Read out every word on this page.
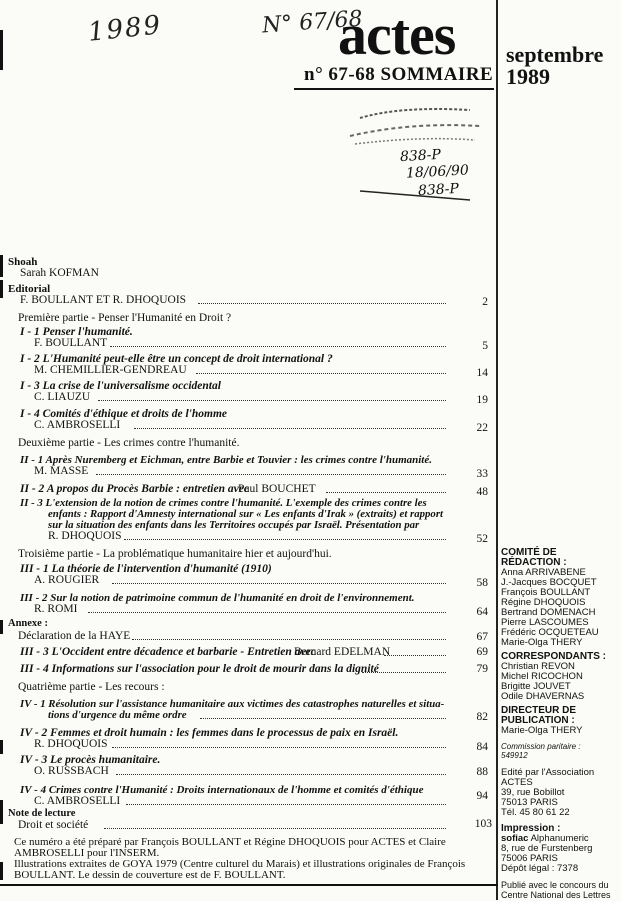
1989	N° 67/68
actes
n° 67-68 SOMMAIRE
septembre
1989
838-P
18/06/90
838-P
Shoah
Sarah KOFMAN
Editorial
F. BOULLANT ET R. DHOQUOIS	2
Première partie - Penser l'Humanité en Droit ?
I - 1 Penser l'humanité.
F. BOULLANT	5
I - 2 L'Humanité peut-elle être un concept de droit international ?
M. CHEMILLIER-GENDREAU	14
I - 3 La crise de l'universalisme occidental
C. LIAUZU	19
I - 4 Comités d'éthique et droits de l'homme
C. AMBROSELLI	22
Deuxième partie - Les crimes contre l'humanité.
II - 1 Après Nuremberg et Eichman, entre Barbie et Touvier : les crimes contre l'humanité.
M. MASSE	33
II - 2 A propos du Procès Barbie : entretien avec
Paul BOUCHET	48
II - 3 L'extension de la notion de crimes contre l'humanité. L'exemple des crimes contre les
enfants : Rapport d'Amnesty international sur « Les enfants d'Irak » (extraits) et rapport
sur la situation des enfants dans les Territoires occupés par Israël. Présentation par
R. DHOQUOIS	52
Troisième partie - La problématique humanitaire hier et aujourd'hui.
III - 1 La théorie de l'intervention d'humanité (1910)
A. ROUGIER	58
III - 2 Sur la notion de patrimoine commun de l'humanité en droit de l'environnement.
R. ROMI	64
Annexe :
Déclaration de la HAYE	67
III - 3 L'Occident entre décadence et barbarie - Entretien avec
Bernard EDELMAN	69
III - 4 Informations sur l'association pour le droit de mourir dans la dignité	79
Quatrième partie - Les recours :
IV - 1 Résolution sur l'assistance humanitaire aux victimes des catastrophes naturelles et situa-
tions d'urgence du même ordre	82
IV - 2 Femmes et droit humain : les femmes dans le processus de paix en Israël.
R. DHOQUOIS	84
IV - 3 Le procès humanitaire.
O. RUSSBACH	88
IV - 4 Crimes contre l'Humanité : Droits internationaux de l'homme et comités d'éthique
C. AMBROSELLI	94
Note de lecture
Droit et société	103
Ce numéro a été préparé par François BOULLANT et Régine DHOQUOIS pour ACTES et Claire
AMBROSELLI pour l'INSERM.
Illustrations extraites de GOYA 1979 (Centre culturel du Marais) et illustrations originales de François
BOULLANT. Le dessin de couverture est de F. BOULLANT.
COMITÉ DE
RÉDACTION :
Anna ARRIVABENE
J.-Jacques BOCQUET
François BOULLANT
Régine DHOQUOIS
Bertrand DOMENACH
Pierre LASCOUMES
Frédéric OCQUETEAU
Marie-Olga THERY
CORRESPONDANTS :
Christian REVON
Michel RICOCHON
Brigitte JOUVET
Odile DHAVERNAS
DIRECTEUR DE
PUBLICATION :
Marie-Olga THERY
Commission paritaire :
549912
Edité par l'Association
ACTES
39, rue Bobillot
75013 PARIS
Tél. 45 80 61 22
Impression :
sofiac Alphanumeric
8, rue de Furstenberg
75006 PARIS
Dépôt légal : 7378
Publié avec le concours du
Centre National des Lettres
